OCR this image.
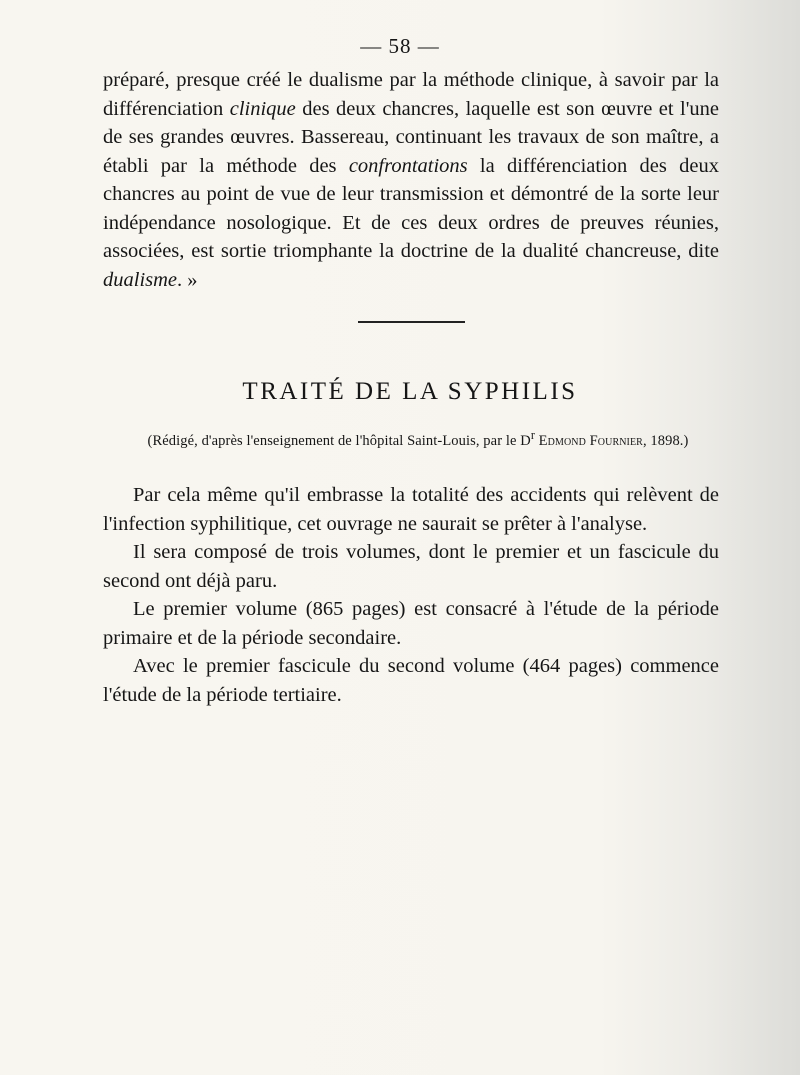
— 58 —

préparé, presque créé le dualisme par la méthode clinique, à savoir par la différenciation clinique des deux chancres, laquelle est son œuvre et l'une de ses grandes œuvres. Bassereau, continuant les travaux de son maître, a établi par la méthode des confrontations la différenciation des deux chancres au point de vue de leur transmission et démontré de la sorte leur indépendance nosologique. Et de ces deux ordres de preuves réunies, associées, est sortie triomphante la doctrine de la dualité chancreuse, dite dualisme. »

TRAITÉ DE LA SYPHILIS
(Rédigé, d'après l'enseignement de l'hôpital Saint-Louis, par le $D^r$ Edmond Fournier, 1898.)

Par cela même qu'il embrasse la totalité des accidents qui relèvent de l'infection syphilitique, cet ouvrage ne saurait se prêter à l'analyse.

Il sera composé de trois volumes, dont le premier et un fascicule du second ont déjà paru.

Le premier volume (865 pages) est consacré à l'étude de la période primaire et de la période secondaire.

Avec le premier fascicule du second volume (464 pages) commence l'étude de la période tertiaire.
